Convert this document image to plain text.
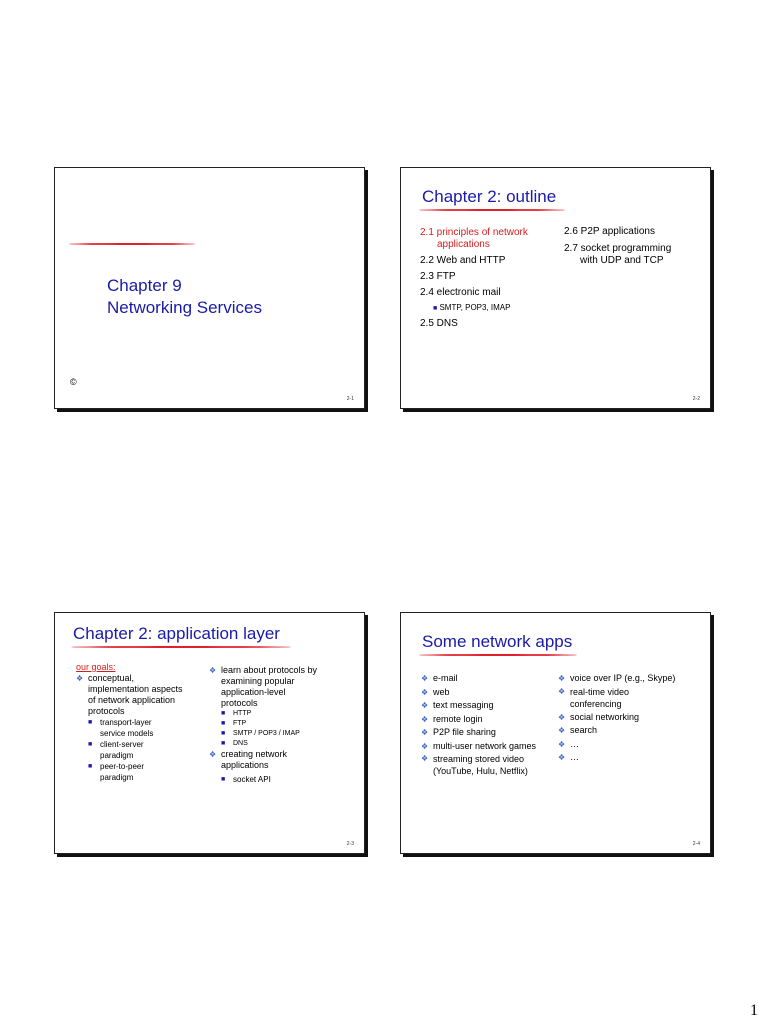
Chapter 9
Networking Services
©
2-1
Chapter 2: outline
2.1 principles of network
applications
2.2 Web and HTTP
2.3 FTP
2.4 electronic mail
■ SMTP, POP3, IMAP
2.5 DNS
2.6 P2P applications
2.7 socket programming
with UDP and TCP
2-2
Chapter 2: application layer
our goals:
❖ conceptual,
implementation aspects
of network application
protocols
■ transport-layer
service models
■ client-server
paradigm
■ peer-to-peer
paradigm
❖ learn about protocols by
examining popular
application-level
protocols
■ HTTP
■ FTP
■ SMTP / POP3 / IMAP
■ DNS
❖ creating network
applications
■ socket API
2-3
Some network apps
❖ e-mail
❖ web
❖ text messaging
❖ remote login
❖ P2P file sharing
❖ multi-user network games
❖ streaming stored video
(YouTube, Hulu, Netflix)
❖ voice over IP (e.g., Skype)
❖ real-time video
conferencing
❖ social networking
❖ search
❖ …
❖ …
2-4
1
